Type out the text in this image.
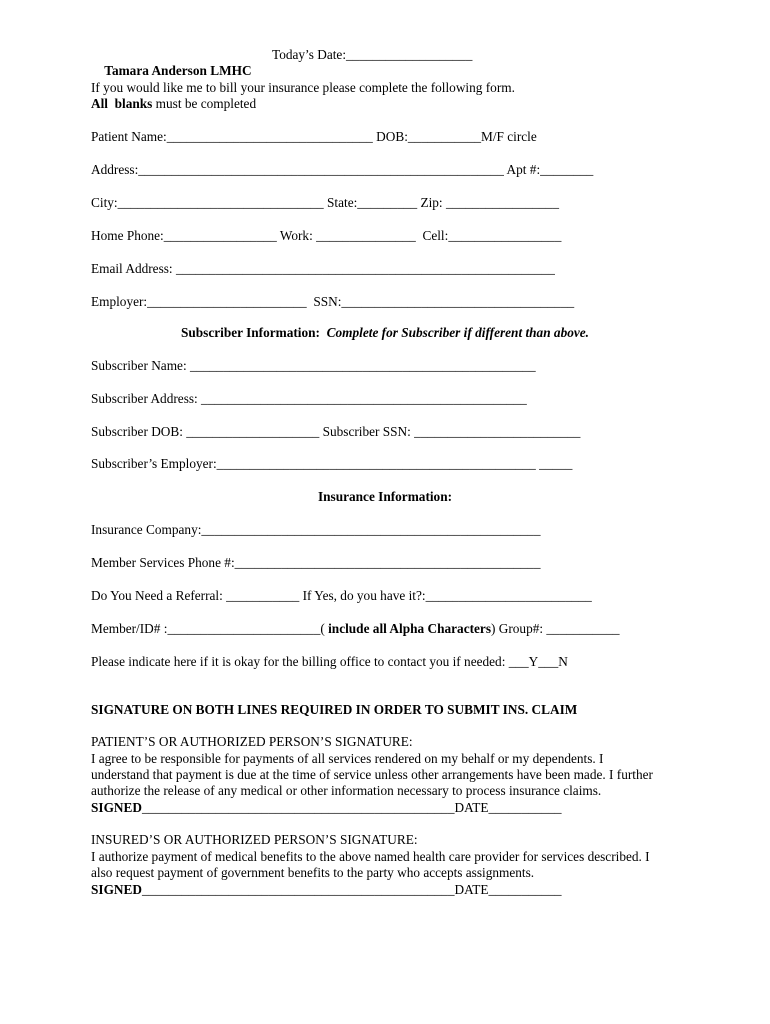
Tamara Anderson LMHC

Today’s Date:___________________
If you would like me to bill your insurance please complete the following form.
All  blanks must be completed
Patient Name:_______________________________ DOB:___________M/F circle
Address:_______________________________________________________ Apt #:________
City:_______________________________ State:_________ Zip: _________________
Home Phone:_________________ Work: _______________  Cell:_________________
Email Address: _________________________________________________________
Employer:________________________  SSN:___________________________________
Subscriber Information: Complete for Subscriber if different than above.
Subscriber Name: ____________________________________________________
Subscriber Address: _________________________________________________
Subscriber DOB: ____________________ Subscriber SSN: _________________________
Subscriber’s Employer:________________________________________________ _____
Insurance Information:
Insurance Company:___________________________________________________
Member Services Phone #:______________________________________________
Do You Need a Referral: ___________ If Yes, do you have it?:_________________________
Member/ID# :_______________________( include all Alpha Characters) Group#: ___________
Please indicate here if it is okay for the billing office to contact you if needed: ___Y___N
SIGNATURE ON BOTH LINES REQUIRED IN ORDER TO SUBMIT INS. CLAIM
PATIENT’S OR AUTHORIZED PERSON’S SIGNATURE:
I agree to be responsible for payments of all services rendered on my behalf or my dependents. I
understand that payment is due at the time of service unless other arrangements have been made. I further
authorize the release of any medical or other information necessary to process insurance claims.
SIGNED_______________________________________________DATE___________
INSURED’S OR AUTHORIZED PERSON’S SIGNATURE:
I authorize payment of medical benefits to the above named health care provider for services described. I
also request payment of government benefits to the party who accepts assignments.
SIGNED_______________________________________________DATE___________
